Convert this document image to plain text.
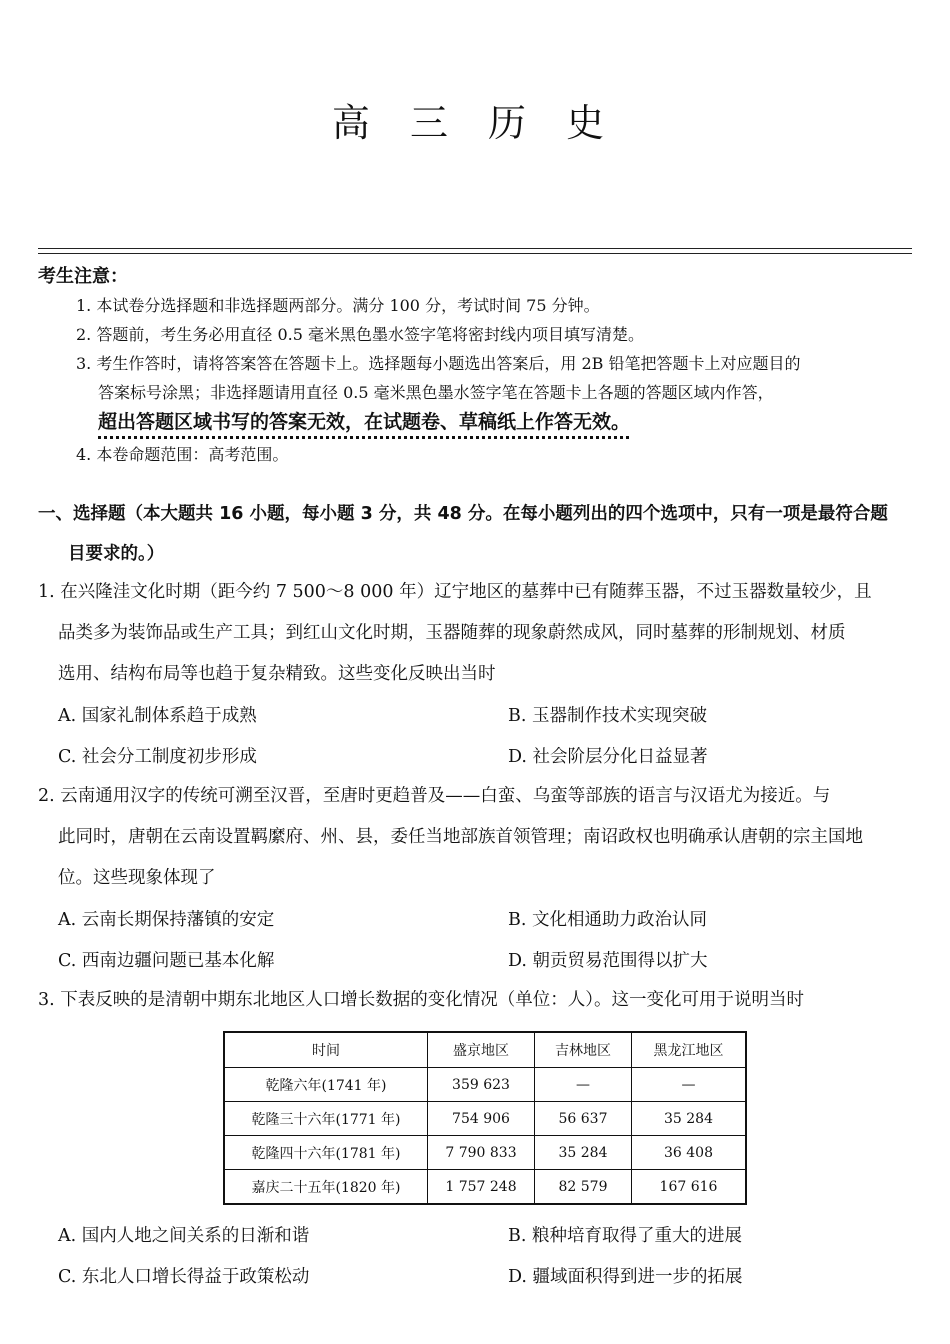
高 三 历 史
考生注意：
1. 本试卷分选择题和非选择题两部分。满分 100 分，考试时间 75 分钟。
2. 答题前，考生务必用直径 0.5 毫米黑色墨水签字笔将密封线内项目填写清楚。
3. 考生作答时，请将答案答在答题卡上。选择题每小题选出答案后，用 2B 铅笔把答题卡上对应题目的
答案标号涂黑；非选择题请用直径 0.5 毫米黑色墨水签字笔在答题卡上各题的答题区域内作答，
超出答题区域书写的答案无效，在试题卷、草稿纸上作答无效。
4. 本卷命题范围：高考范围。
一、选择题（本大题共 16 小题，每小题 3 分，共 48 分。在每小题列出的四个选项中，只有一项是最符合题
目要求的。）
1. 在兴隆洼文化时期（距今约 7 500～8 000 年）辽宁地区的墓葬中已有随葬玉器，不过玉器数量较少，且
品类多为装饰品或生产工具；到红山文化时期，玉器随葬的现象蔚然成风，同时墓葬的形制规划、材质
选用、结构布局等也趋于复杂精致。这些变化反映出当时
A. 国家礼制体系趋于成熟	B. 玉器制作技术实现突破
C. 社会分工制度初步形成	D. 社会阶层分化日益显著
2. 云南通用汉字的传统可溯至汉晋，至唐时更趋普及——白蛮、乌蛮等部族的语言与汉语尤为接近。与
此同时，唐朝在云南设置羁縻府、州、县，委任当地部族首领管理；南诏政权也明确承认唐朝的宗主国地
位。这些现象体现了
A. 云南长期保持藩镇的安定	B. 文化相通助力政治认同
C. 西南边疆问题已基本化解	D. 朝贡贸易范围得以扩大
3. 下表反映的是清朝中期东北地区人口增长数据的变化情况（单位：人）。这一变化可用于说明当时
时间	盛京地区	吉林地区	黑龙江地区
乾隆六年(1741 年)	359 623	—	—
乾隆三十六年(1771 年)	754 906	56 637	35 284
乾隆四十六年(1781 年)	7 790 833	35 284	36 408
嘉庆二十五年(1820 年)	1 757 248	82 579	167 616
A. 国内人地之间关系的日渐和谐	B. 粮种培育取得了重大的进展
C. 东北人口增长得益于政策松动	D. 疆域面积得到进一步的拓展
